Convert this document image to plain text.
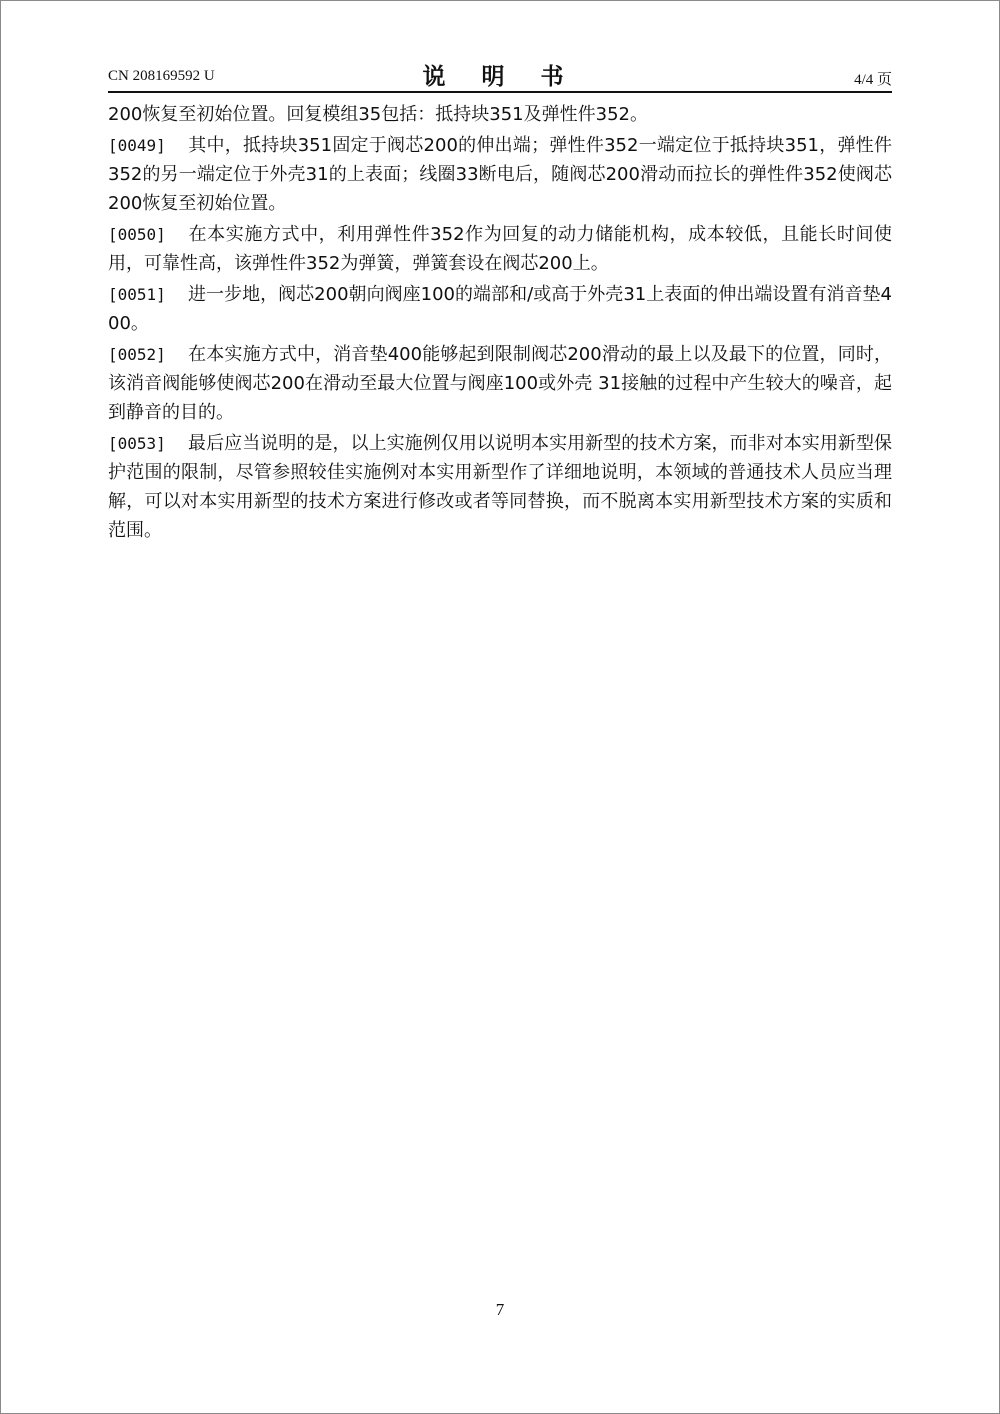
CN 208169592 U	说 明 书	4/4 页

200恢复至初始位置。回复模组35包括：抵持块351及弹性件352。

[0049] 其中，抵持块351固定于阀芯200的伸出端；弹性件352一端定位于抵持块351，弹性件352的另一端定位于外壳31的上表面；线圈33断电后，随阀芯200滑动而拉长的弹性件352使阀芯200恢复至初始位置。

[0050] 在本实施方式中，利用弹性件352作为回复的动力储能机构，成本较低，且能长时间使用，可靠性高，该弹性件352为弹簧，弹簧套设在阀芯200上。

[0051] 进一步地，阀芯200朝向阀座100的端部和/或高于外壳31上表面的伸出端设置有消音垫400。

[0052] 在本实施方式中，消音垫400能够起到限制阀芯200滑动的最上以及最下的位置，同时，该消音阀能够使阀芯200在滑动至最大位置与阀座100或外壳 31接触的过程中产生较大的噪音，起到静音的目的。

[0053] 最后应当说明的是，以上实施例仅用以说明本实用新型的技术方案，而非对本实用新型保护范围的限制，尽管参照较佳实施例对本实用新型作了详细地说明，本领域的普通技术人员应当理解，可以对本实用新型的技术方案进行修改或者等同替换，而不脱离本实用新型技术方案的实质和范围。

7
